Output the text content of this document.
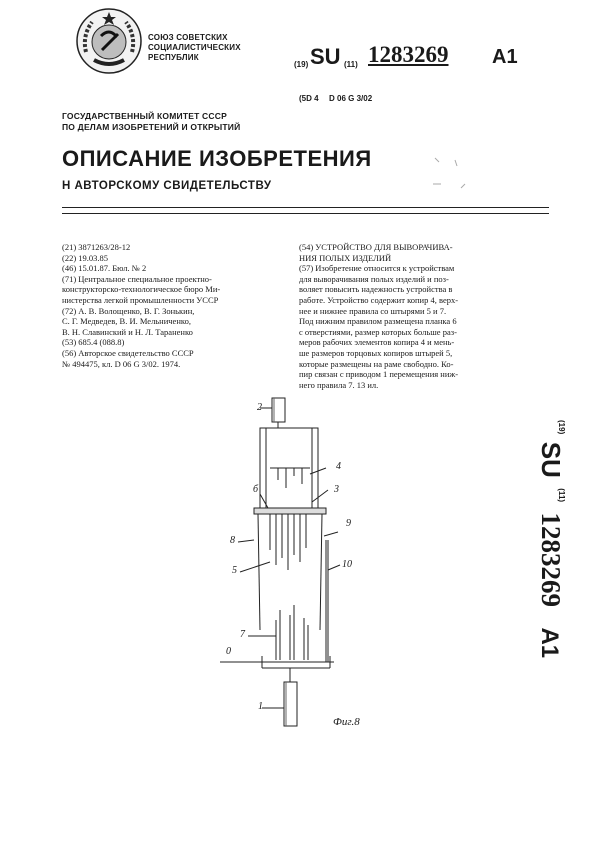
СОЮЗ СОВЕТСКИХ
СОЦИАЛИСТИЧЕСКИХ
РЕСПУБЛИК
(19) SU (11) 1283269 A1
(5D 4 D 06 G 3/02
ГОСУДАРСТВЕННЫЙ КОМИТЕТ СССР
ПО ДЕЛАМ ИЗОБРЕТЕНИЙ И ОТКРЫТИЙ
ОПИСАНИЕ ИЗОБРЕТЕНИЯ
Н АВТОРСКОМУ СВИДЕТЕЛЬСТВУ
(21) 3871263/28-12
(22) 19.03.85
(46) 15.01.87. Бюл. № 2
(71) Центральное специальное проектно-
конструкторско-технологическое бюро Ми-
нистерства легкой промышленности УССР
(72) А. В. Волощенко, В. Г. Зонькин,
С. Г. Медведев, В. И. Мельниченко,
В. Н. Славинский и Н. Л. Тараненко
(53) 685.4 (088.8)
(56) Авторское свидетельство СССР
№ 494475, кл. D 06 G 3/02. 1974.
(54) УСТРОЙСТВО ДЛЯ ВЫВОРАЧИВА-
НИЯ ПОЛЫХ ИЗДЕЛИЙ
(57) Изобретение относится к устройствам
для выворачивания полых изделий и поз-
воляет повысить надежность устройства в
работе. Устройство содержит копир 4, верх-
нее и нижнее правила со штырями 5 и 7.
Под нижним правилом размещена планка 6
с отверстиями, размер которых больше раз-
меров рабочих элементов копира 4 и мень-
ше размеров торцовых копиров штырей 5,
которые размещены на раме свободно. Ко-
пир связан с приводом 1 перемещения ниж-
него правила 7. 13 ил.
$^{(19)}$ SU $^{(11)}$ 1283269 A1
2
4
б	3
8
9
5
10
7
0
1
Фиг.8
